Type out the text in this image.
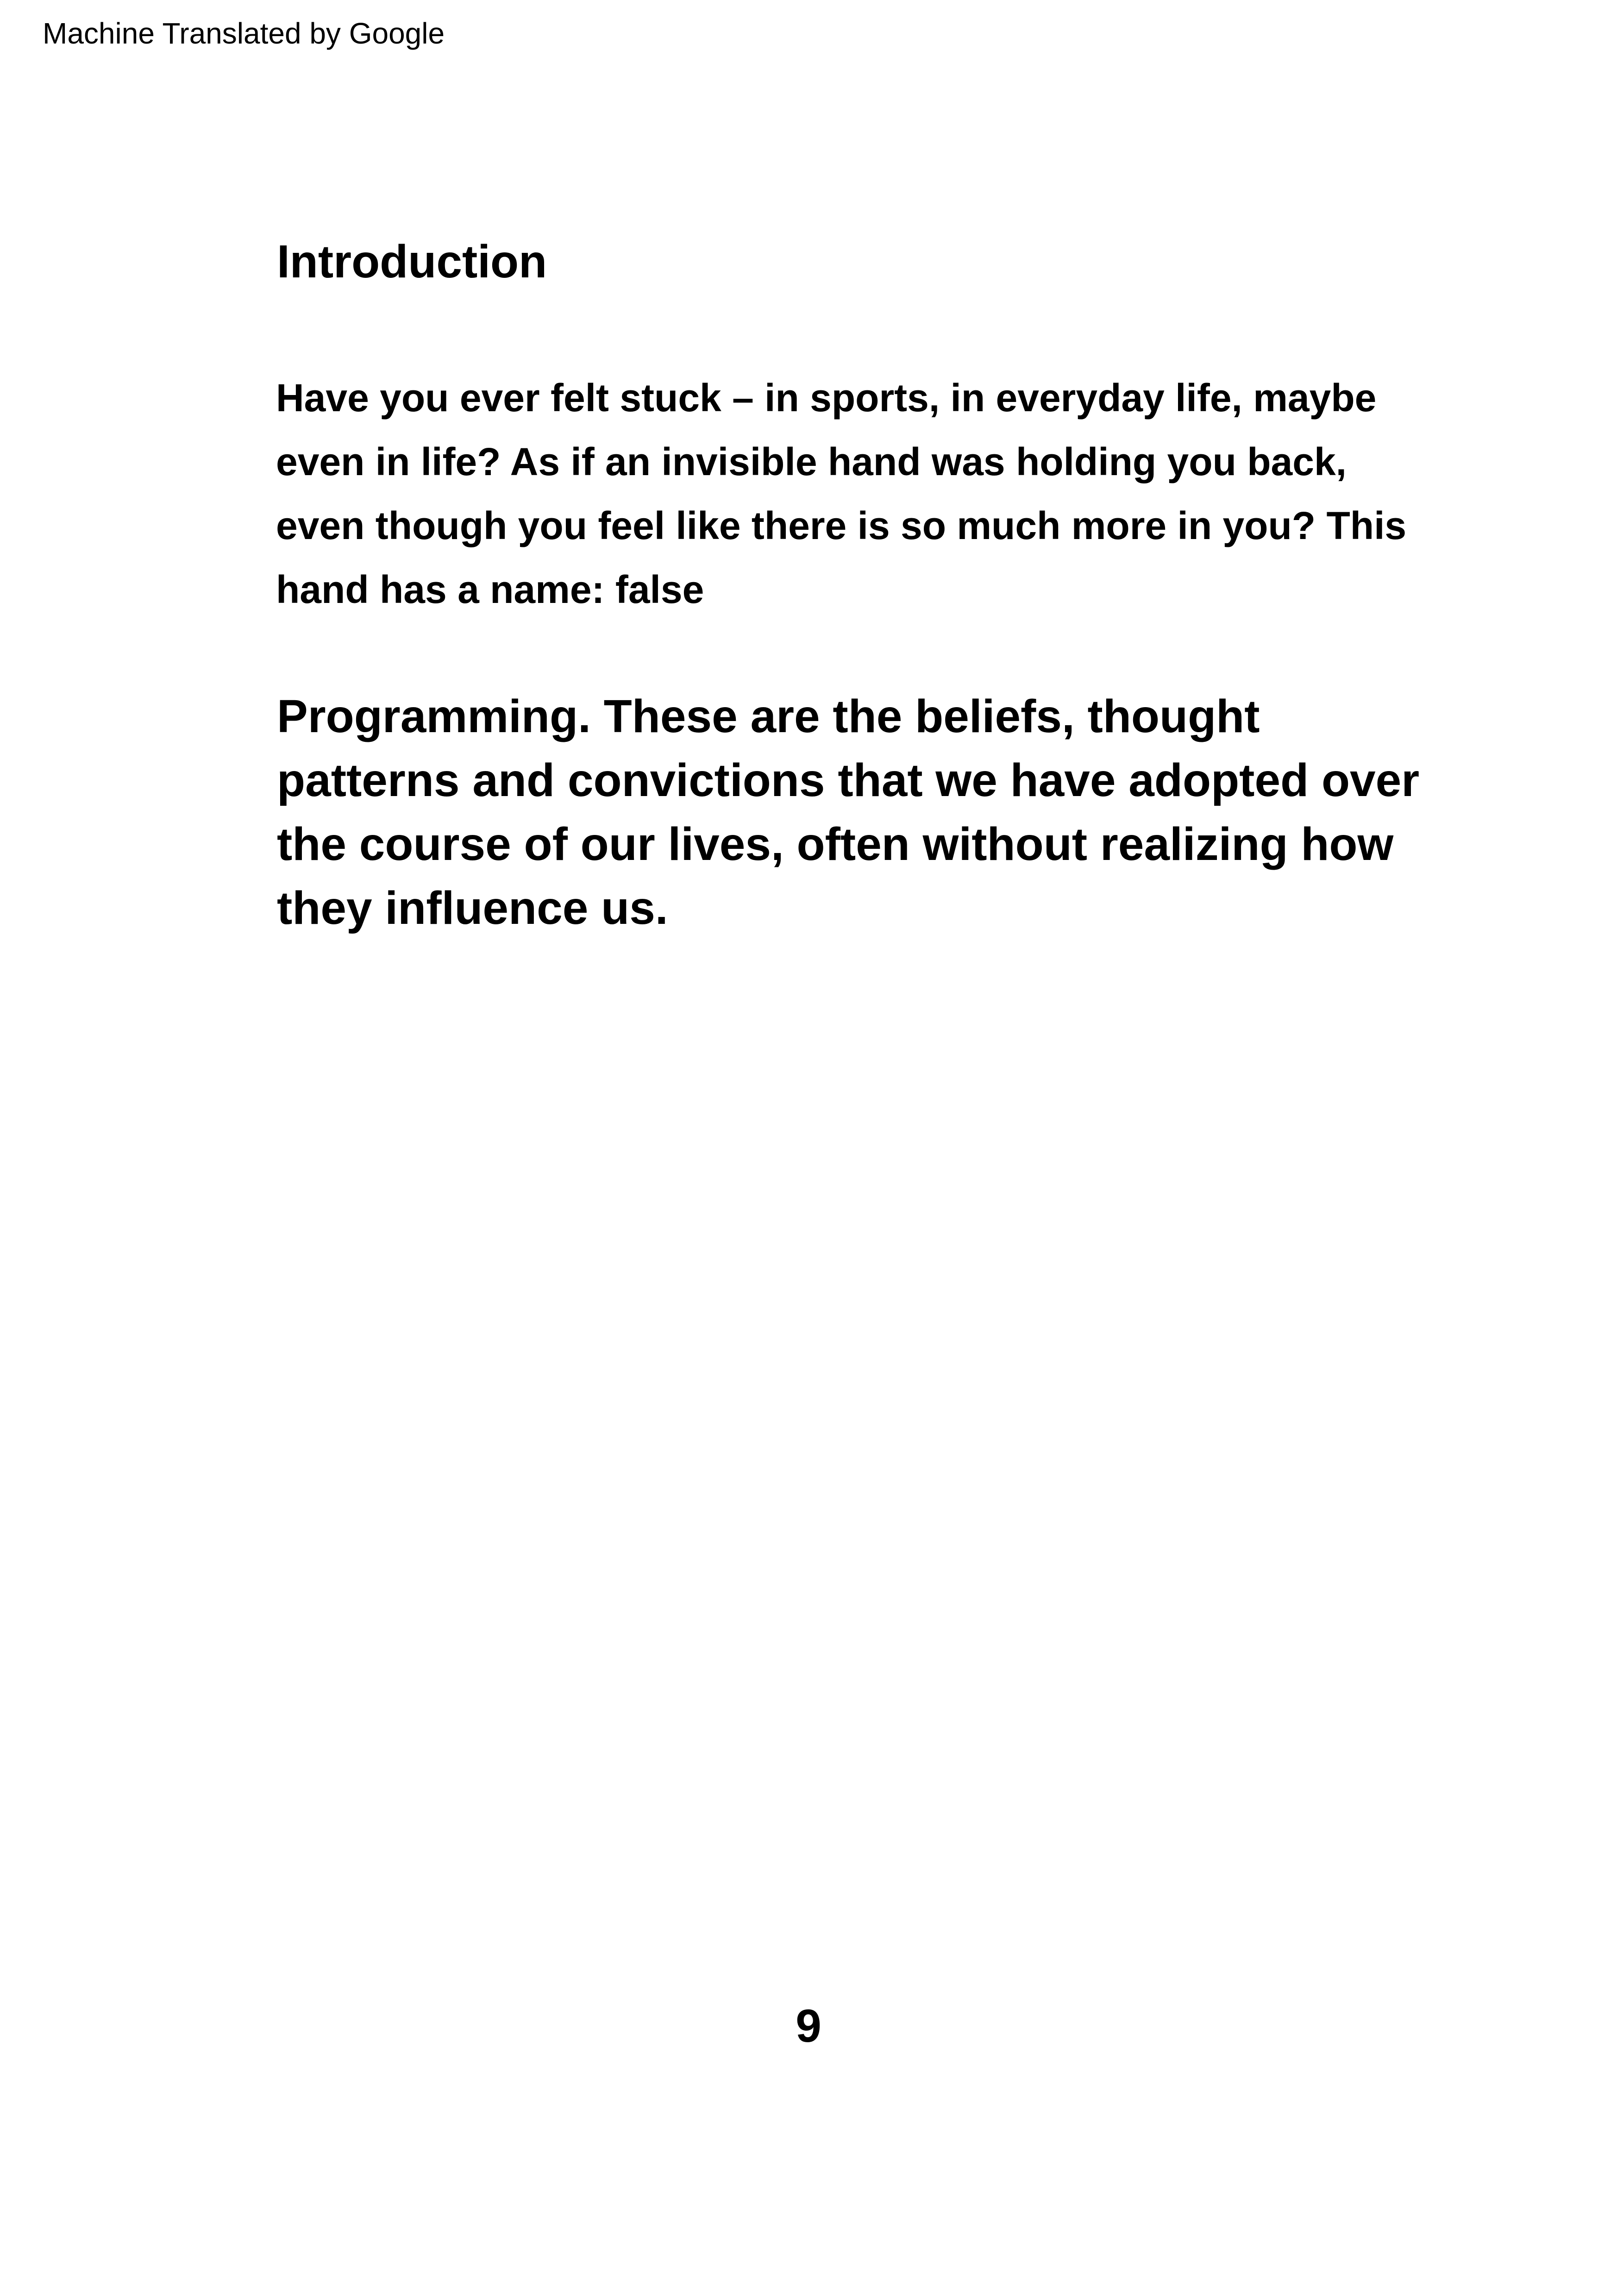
Machine Translated by Google
Introduction

Have you ever felt stuck – in sports, in everyday life, maybe
even in life? As if an invisible hand was holding you back,
even though you feel like there is so much more in you? This
hand has a name: false

Programming. These are the beliefs, thought
patterns and convictions that we have adopted over
the course of our lives, often without realizing how
they influence us.

9
